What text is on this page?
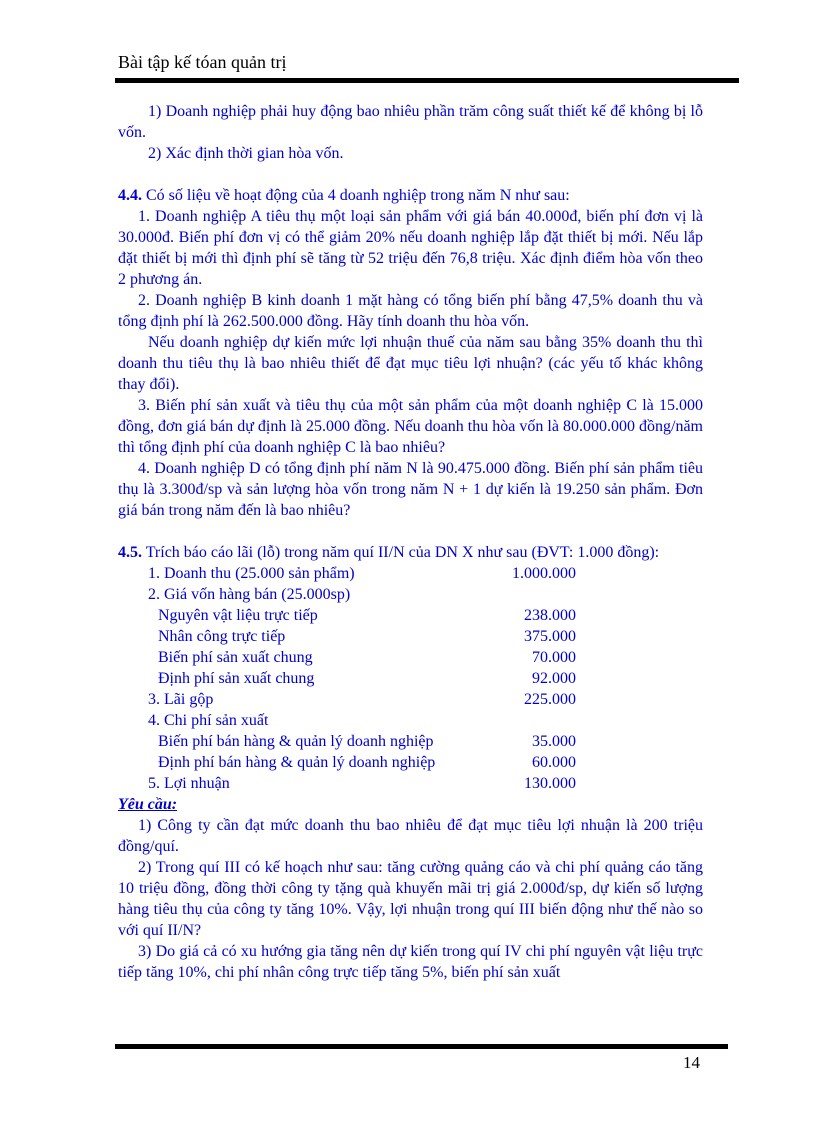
Bài tập kế tóan quản trị

1) Doanh nghiệp phải huy động bao nhiêu phần trăm công suất thiết kế để không bị lỗ vốn.

2) Xác định thời gian hòa vốn.

4.4. Có số liệu về hoạt động của 4 doanh nghiệp trong năm N như sau:

1. Doanh nghiệp A tiêu thụ một loại sản phẩm với giá bán 40.000đ, biến phí đơn vị là 30.000đ. Biến phí đơn vị có thể giảm 20% nếu doanh nghiệp lắp đặt thiết bị mới. Nếu lắp đặt thiết bị mới thì định phí sẽ tăng từ 52 triệu đến 76,8 triệu. Xác định điểm hòa vốn theo 2 phương án.

2. Doanh nghiệp B kinh doanh 1 mặt hàng có tổng biến phí bằng 47,5% doanh thu và tổng định phí là 262.500.000 đồng. Hãy tính doanh thu hòa vốn.

Nếu doanh nghiệp dự kiến mức lợi nhuận thuế của năm sau bằng 35% doanh thu thì doanh thu tiêu thụ là bao nhiêu thiết để đạt mục tiêu lợi nhuận? (các yếu tố khác không thay đổi).

3. Biến phí sản xuất và tiêu thụ của một sản phẩm của một doanh nghiệp C là 15.000 đồng, đơn giá bán dự định là 25.000 đồng. Nếu doanh thu hòa vốn là 80.000.000 đồng/năm thì tổng định phí của doanh nghiệp C là bao nhiêu?

4. Doanh nghiệp D có tổng định phí năm N là 90.475.000 đồng. Biến phí sản phẩm tiêu thụ là 3.300đ/sp và sản lượng hòa vốn trong năm N + 1 dự kiến là 19.250 sản phẩm. Đơn giá bán trong năm đến là bao nhiêu?

4.5. Trích báo cáo lãi (lỗ) trong năm quí II/N của DN X như sau (ĐVT: 1.000 đồng):

1. Doanh thu (25.000 sản phẩm)	1.000.000
2. Giá vốn hàng bán (25.000sp)
Nguyên vật liệu trực tiếp	238.000
Nhân công trực tiếp	375.000
Biến phí sản xuất chung	70.000
Định phí sản xuất chung	92.000
3. Lãi gộp	225.000
4. Chi phí sản xuất
Biến phí bán hàng & quản lý doanh nghiệp	35.000
Định phí bán hàng & quản lý doanh nghiệp	60.000
5. Lợi nhuận	130.000

Yêu cầu:

1) Công ty cần đạt mức doanh thu bao nhiêu để đạt mục tiêu lợi nhuận là 200 triệu đồng/quí.

2) Trong quí III có kế hoạch như sau: tăng cường quảng cáo và chi phí quảng cáo tăng 10 triệu đồng, đồng thời công ty tặng quà khuyến mãi trị giá 2.000đ/sp, dự kiến số lượng hàng tiêu thụ của công ty tăng 10%. Vậy, lợi nhuận trong quí III biến động như thế nào so với quí II/N?

3) Do giá cả có xu hướng gia tăng nên dự kiến trong quí IV chi phí nguyên vật liệu trực tiếp tăng 10%, chi phí nhân công trực tiếp tăng 5%, biến phí sản xuất

14
